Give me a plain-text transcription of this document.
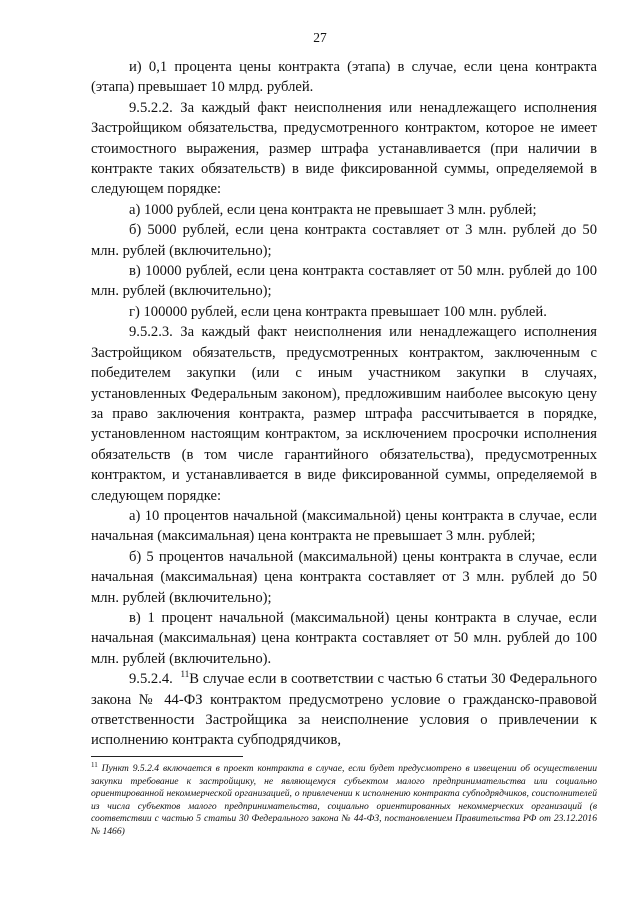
27

и) 0,1 процента цены контракта (этапа) в случае, если цена контракта (этапа) превышает 10 млрд. рублей.

9.5.2.2. За каждый факт неисполнения или ненадлежащего исполнения Застройщиком обязательства, предусмотренного контрактом, которое не имеет стоимостного выражения, размер штрафа устанавливается (при наличии в контракте таких обязательств) в виде фиксированной суммы, определяемой в следующем порядке:

а) 1000 рублей, если цена контракта не превышает 3 млн. рублей;

б) 5000 рублей, если цена контракта составляет от 3 млн. рублей до 50 млн. рублей (включительно);

в) 10000 рублей, если цена контракта составляет от 50 млн. рублей до 100 млн. рублей (включительно);

г) 100000 рублей, если цена контракта превышает 100 млн. рублей.

9.5.2.3. За каждый факт неисполнения или ненадлежащего исполнения Застройщиком обязательств, предусмотренных контрактом, заключенным с победителем закупки (или с иным участником закупки в случаях, установленных Федеральным законом), предложившим наиболее высокую цену за право заключения контракта, размер штрафа рассчитывается в порядке, установленном настоящим контрактом, за исключением просрочки исполнения обязательств (в том числе гарантийного обязательства), предусмотренных контрактом, и устанавливается в виде фиксированной суммы, определяемой в следующем порядке:

а) 10 процентов начальной (максимальной) цены контракта в случае, если начальная (максимальная) цена контракта не превышает 3 млн. рублей;

б) 5 процентов начальной (максимальной) цены контракта в случае, если начальная (максимальная) цена контракта составляет от 3 млн. рублей до 50 млн. рублей (включительно);

в) 1 процент начальной (максимальной) цены контракта в случае, если начальная (максимальная) цена контракта составляет от 50 млн. рублей до 100 млн. рублей (включительно).

9.5.2.4. $^{11}$В случае если в соответствии с частью 6 статьи 30 Федерального закона № 44-ФЗ контрактом предусмотрено условие о гражданско-правовой ответственности Застройщика за неисполнение условия о привлечении к исполнению контракта субподрядчиков,

$^{11}$ Пункт 9.5.2.4 включается в проект контракта в случае, если будет предусмотрено в извещении об осуществлении закупки требование к застройщику, не являющемуся субъектом малого предпринимательства или социально ориентированной некоммерческой организацией, о привлечении к исполнению контракта субподрядчиков, соисполнителей из числа субъектов малого предпринимательства, социально ориентированных некоммерческих организаций (в соответствии с частью 5 статьи 30 Федерального закона № 44-ФЗ, постановлением Правительства РФ от 23.12.2016 № 1466)
